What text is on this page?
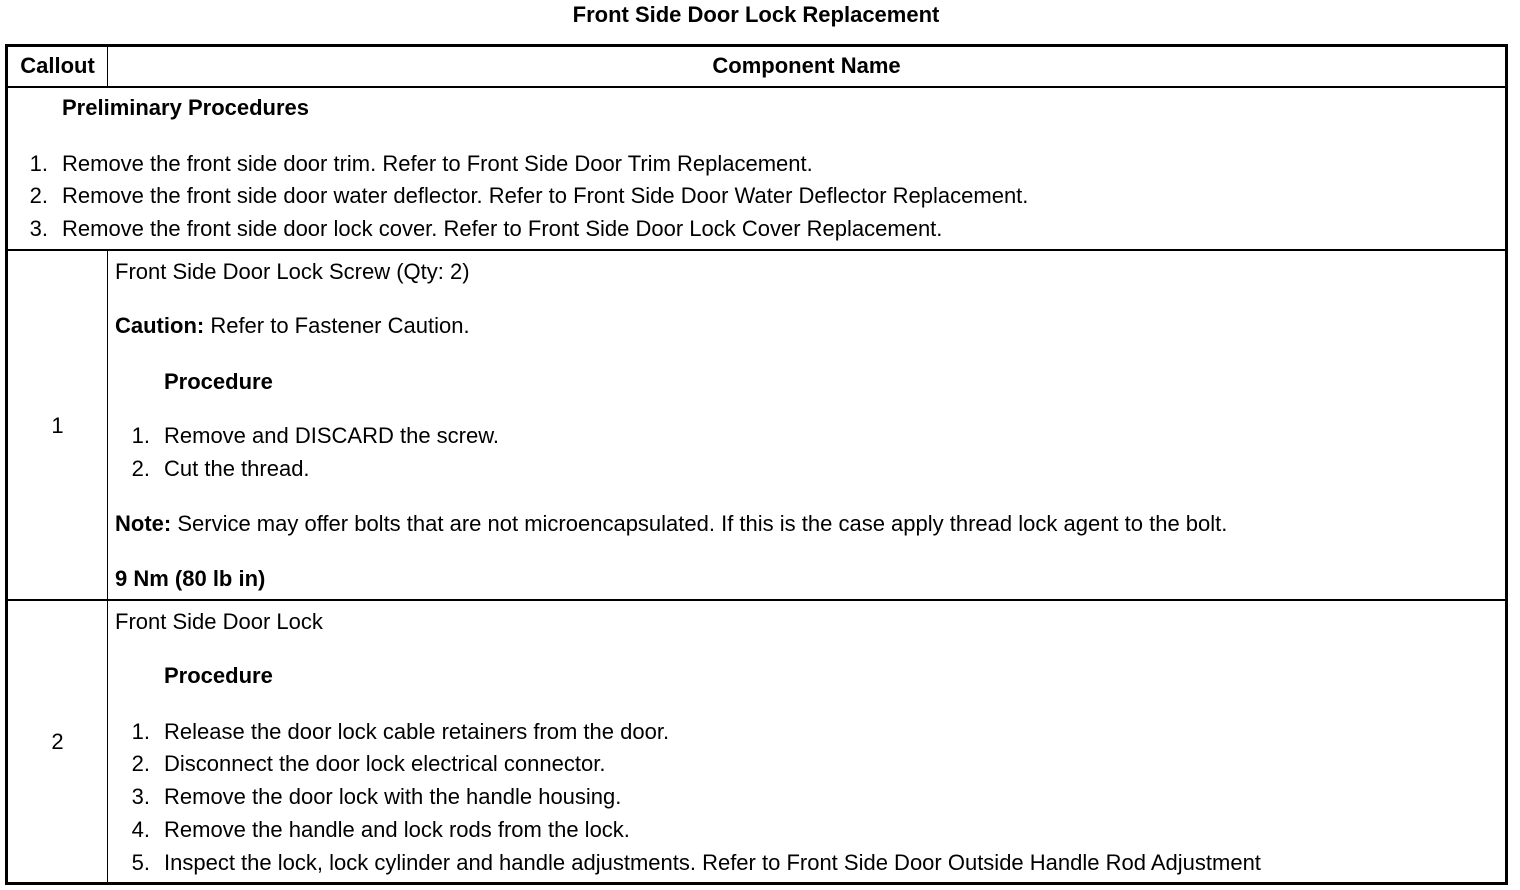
Front Side Door Lock Replacement
Callout	Component Name
Preliminary Procedures
1. Remove the front side door trim. Refer to Front Side Door Trim Replacement.
2. Remove the front side door water deflector. Refer to Front Side Door Water Deflector Replacement.
3. Remove the front side door lock cover. Refer to Front Side Door Lock Cover Replacement.
1
Front Side Door Lock Screw (Qty: 2)
Caution: Refer to Fastener Caution.
Procedure
1. Remove and DISCARD the screw.
2. Cut the thread.
Note: Service may offer bolts that are not microencapsulated. If this is the case apply thread lock agent to the bolt.
9 Nm (80 lb in)
2
Front Side Door Lock
Procedure
1. Release the door lock cable retainers from the door.
2. Disconnect the door lock electrical connector.
3. Remove the door lock with the handle housing.
4. Remove the handle and lock rods from the lock.
5. Inspect the lock, lock cylinder and handle adjustments. Refer to Front Side Door Outside Handle Rod Adjustment
